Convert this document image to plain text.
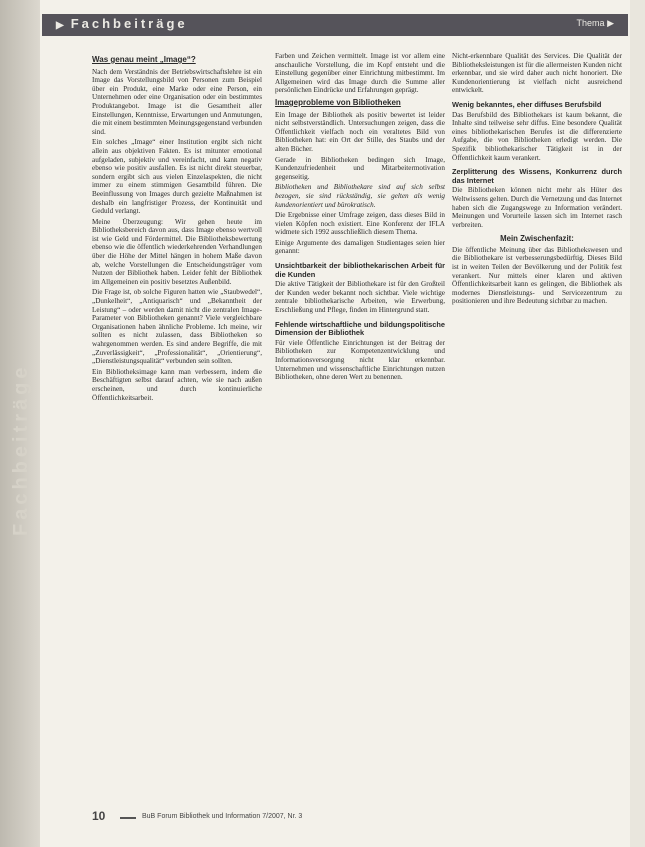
▶ Fachbeiträge	Thema ▶
Fachbeiträge
Was genau meint „Image“?

Nach dem Verständnis der Betriebswirtschaftslehre ist ein Image das Vorstellungsbild von Personen zum Beispiel über ein Produkt, eine Marke oder eine Person, ein Unternehmen oder eine Organisation oder ein bestimmtes Produktangebot. Image ist die Gesamtheit aller Einstellungen, Kenntnisse, Erwartungen und Anmutungen, die mit einem bestimmten Meinungsgegenstand verbunden sind.

Ein solches „Image“ einer Institution ergibt sich nicht allein aus objektiven Fakten. Es ist mitunter emotional aufgeladen, subjektiv und vereinfacht, und kann negativ ebenso wie positiv ausfallen. Es ist nicht direkt steuerbar, sondern ergibt sich aus vielen Einzelaspekten, die nicht immer zu einem stimmigen Gesamtbild führen. Die Beeinflussung von Images durch gezielte Maßnahmen ist deshalb ein langfristiger Prozess, der Kontinuität und Geduld verlangt.

Meine Überzeugung: Wir gehen heute im Bibliotheksbereich davon aus, dass Image ebenso wertvoll ist wie Geld und Fördermittel. Die Bibliotheksbewertung ebenso wie die öffentlich wiederkehrenden Verhandlungen über die Höhe der Mittel hängen in hohem Maße davon ab, welche Vorstellungen die Entscheidungsträger vom Nutzen der Bibliothek haben. Leider fehlt der Bibliothek im Allgemeinen ein positiv besetztes Außenbild.

Die Frage ist, ob solche Figuren hatten wie „Staubwedel“, „Dunkelheit“, „Antiquarisch“ und „Bekanntheit der Leistung“ – oder werden damit nicht die zentralen Image-Parameter von Bibliotheken genannt? Viele vergleichbare Organisationen haben ähnliche Probleme. Ich meine, wir sollten es nicht zulassen, dass Bibliotheken so wahrgenommen werden. Es sind andere Begriffe, die mit „Zuverlässigkeit“, „Professionalität“, „Orientierung“, „Dienstleistungsqualität“ verbunden sein sollten.

Ein Bibliotheksimage kann man verbessern, indem die Beschäftigten selbst darauf achten, wie sie nach außen erscheinen, und durch kontinuierliche Öffentlichkeitsarbeit.

Farben und Zeichen vermittelt. Image ist vor allem eine anschauliche Vorstellung, die im Kopf entsteht und die Einstellung gegenüber einer Einrichtung mitbestimmt. Im Allgemeinen wird das Image durch die Summe aller persönlichen Eindrücke und Erfahrungen geprägt.

Imageprobleme von Bibliotheken

Ein Image der Bibliothek als positiv bewertet ist leider nicht selbstverständlich. Untersuchungen zeigen, dass die Öffentlichkeit vielfach noch ein veraltetes Bild von Bibliotheken hat: ein Ort der Stille, des Staubs und der alten Bücher.

Gerade in Bibliotheken bedingen sich Image, Kundenzufriedenheit und Mitarbeitermotivation gegenseitig.

Bibliotheken und Bibliothekare sind auf sich selbst bezogen, sie sind rückständig, sie gelten als wenig kundenorientiert und bürokratisch.

Die Ergebnisse einer Umfrage zeigen, dass dieses Bild in vielen Köpfen noch existiert. Eine Konferenz der IFLA widmete sich 1992 ausschließlich diesem Thema.

Einige Argumente des damaligen Studientages seien hier genannt:

Unsichtbarkeit der bibliothekarischen Arbeit für die Kunden

Die aktive Tätigkeit der Bibliothekare ist für den Großteil der Kunden weder bekannt noch sichtbar. Viele wichtige zentrale bibliothekarische Arbeiten, wie Erwerbung, Erschließung und Pflege, finden im Hintergrund statt.

Fehlende wirtschaftliche und bildungspolitische Dimension der Bibliothek

Für viele Öffentliche Einrichtungen ist der Beitrag der Bibliotheken zur Kompetenzentwicklung und Informationsversorgung nicht klar erkennbar. Unternehmen und wissenschaftliche Einrichtungen nutzen Bibliotheken, ohne deren Wert zu benennen.

Nicht-erkennbare Qualität des Services. Die Qualität der Bibliotheksleistungen ist für die allermeisten Kunden nicht erkennbar, und sie wird daher auch nicht honoriert. Die Kundenorientierung ist vielfach nicht ausreichend entwickelt.

Wenig bekanntes, eher diffuses Berufsbild

Das Berufsbild des Bibliothekars ist kaum bekannt, die Inhalte sind teilweise sehr diffus. Eine besondere Qualität eines bibliothekarischen Berufes ist die differenzierte Aufgabe, die von Bibliotheken erledigt werden. Die Spezifik bibliothekarischer Tätigkeit ist in der Öffentlichkeit kaum verankert.

Zerplitterung des Wissens, Konkurrenz durch das Internet

Die Bibliotheken können nicht mehr als Hüter des Weltwissens gelten. Durch die Vernetzung und das Internet haben sich die Zugangswege zu Information verändert. Meinungen und Vorurteile lassen sich im Internet rasch verbreiten.

Mein Zwischenfazit:

Die öffentliche Meinung über das Bibliothekswesen und die Bibliothekare ist verbesserungsbedürftig. Dieses Bild ist in weiten Teilen der Bevölkerung und der Politik fest verankert. Nur mittels einer klaren und aktiven Öffentlichkeitsarbeit kann es gelingen, die Bibliothek als modernes Dienstleistungs- und Servicezentrum zu positionieren und ihre Bedeutung sichtbar zu machen.

10	BuB Forum Bibliothek und Information 7/2007, Nr. 3
